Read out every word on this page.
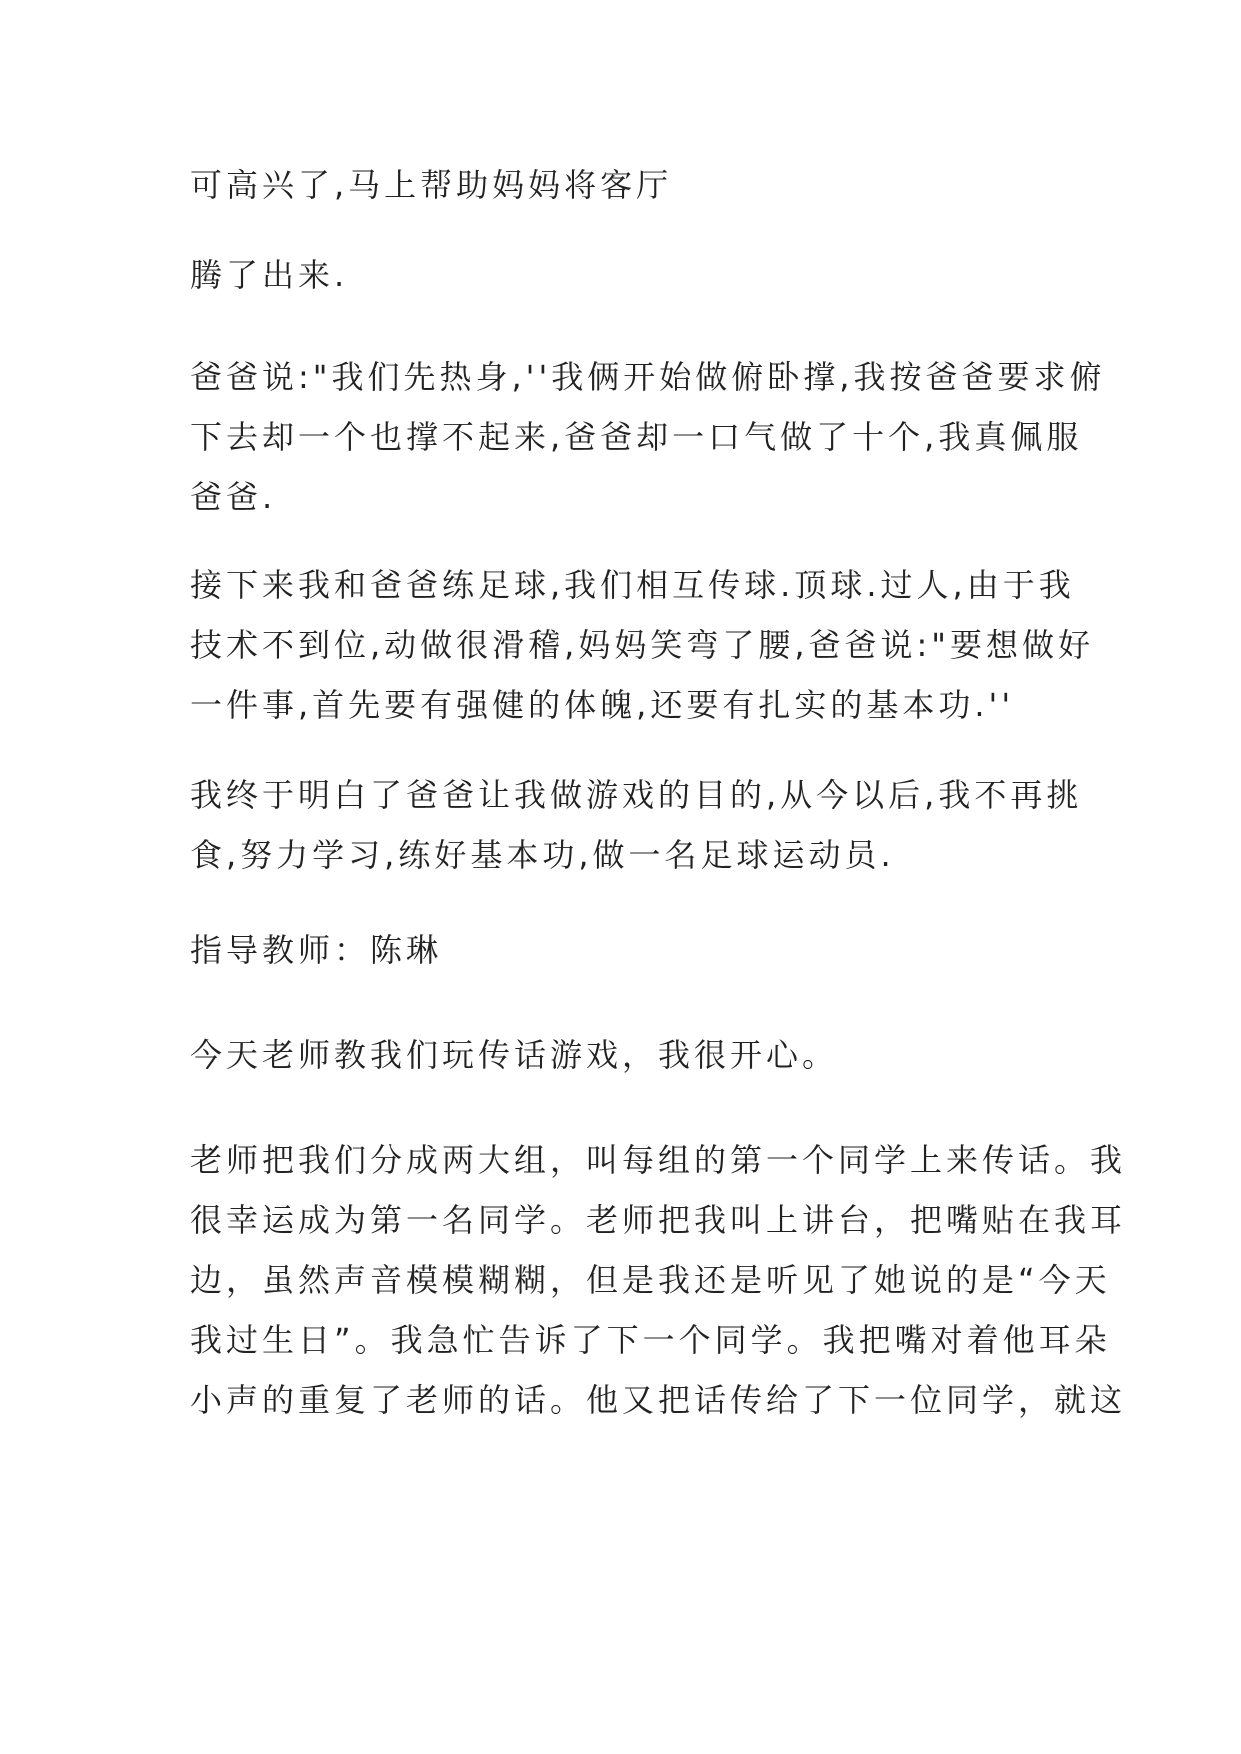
可高兴了,马上帮助妈妈将客厅
腾了出来.
爸爸说:"我们先热身,''我俩开始做俯卧撑,我按爸爸要求俯
下去却一个也撑不起来,爸爸却一口气做了十个,我真佩服
爸爸.
接下来我和爸爸练足球,我们相互传球.顶球.过人,由于我
技术不到位,动做很滑稽,妈妈笑弯了腰,爸爸说:"要想做好
一件事,首先要有强健的体魄,还要有扎实的基本功.''
我终于明白了爸爸让我做游戏的目的,从今以后,我不再挑
食,努力学习,练好基本功,做一名足球运动员.
指导教师：陈琳
今天老师教我们玩传话游戏，我很开心。
老师把我们分成两大组，叫每组的第一个同学上来传话。我
很幸运成为第一名同学。老师把我叫上讲台，把嘴贴在我耳
边，虽然声音模模糊糊，但是我还是听见了她说的是“今天
我过生日”。我急忙告诉了下一个同学。我把嘴对着他耳朵
小声的重复了老师的话。他又把话传给了下一位同学，就这
